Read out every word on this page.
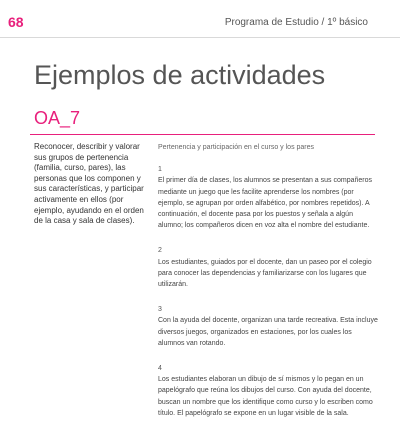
68	Programa de Estudio / 1º básico
Ejemplos de actividades
OA_7
Reconocer, describir y valorar sus grupos de pertenencia (familia, curso, pares), las personas que los componen y sus características, y participar activamente en ellos (por ejemplo, ayudando en el orden de la casa y sala de clases).
Pertenencia y participación en el curso y los pares
1
El primer día de clases, los alumnos se presentan a sus compañeros mediante un juego que les facilite aprenderse los nombres (por ejemplo, se agrupan por orden alfabético, por nombres repetidos). A continuación, el docente pasa por los puestos y señala a algún alumno; los compañeros dicen en voz alta el nombre del estudiante.
2
Los estudiantes, guiados por el docente, dan un paseo por el colegio para conocer las dependencias y familiarizarse con los lugares que utilizarán.
3
Con la ayuda del docente, organizan una tarde recreativa. Esta incluye diversos juegos, organizados en estaciones, por los cuales los alumnos van rotando.
4
Los estudiantes elaboran un dibujo de sí mismos y lo pegan en un papelógrafo que reúna los dibujos del curso. Con ayuda del docente, buscan un nombre que los identifique como curso y lo escriben como título. El papelógrafo se expone en un lugar visible de la sala.
